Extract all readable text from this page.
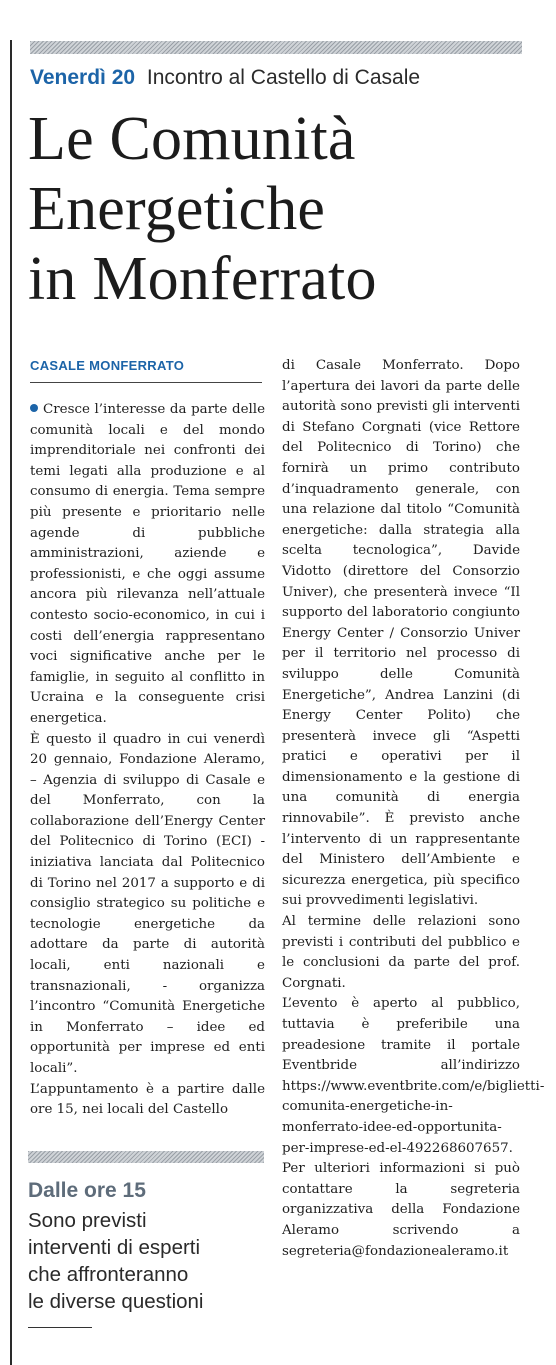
Venerdì 20 Incontro al Castello di Casale
Le Comunità
Energetiche
in Monferrato
CASALE MONFERRATO

Cresce l’interesse da parte delle comunità locali e del mondo imprenditoriale nei confronti dei temi legati alla produzione e al consumo di energia. Tema sempre più presente e prioritario nelle agende di pubbliche amministrazioni, aziende e professionisti, e che oggi assume ancora più rilevanza nell’attuale contesto socio-economico, in cui i costi dell’energia rappresentano voci significative anche per le famiglie, in seguito al conflitto in Ucraina e la conseguente crisi energetica.

È questo il quadro in cui venerdì 20 gennaio, Fondazione Aleramo, – Agenzia di sviluppo di Casale e del Monferrato, con la collaborazione dell’Energy Center del Politecnico di Torino (ECI) - iniziativa lanciata dal Politecnico di Torino nel 2017 a supporto e di consiglio strategico su politiche e tecnologie energetiche da adottare da parte di autorità locali, enti nazionali e transnazionali, - organizza l’incontro “Comunità Energetiche in Monferrato – idee ed opportunità per imprese ed enti locali”.

L’appuntamento è a partire dalle ore 15, nei locali del Castello

di Casale Monferrato. Dopo l’apertura dei lavori da parte delle autorità sono previsti gli interventi di Stefano Corgnati (vice Rettore del Politecnico di Torino) che fornirà un primo contributo d’inquadramento generale, con una relazione dal titolo “Comunità energetiche: dalla strategia alla scelta tecnologica”, Davide Vidotto (direttore del Consorzio Univer), che presenterà invece “Il supporto del laboratorio congiunto Energy Center / Consorzio Univer per il territorio nel processo di sviluppo delle Comunità Energetiche”, Andrea Lanzini (di Energy Center Polito) che presenterà invece gli “Aspetti pratici e operativi per il dimensionamento e la gestione di una comunità di energia rinnovabile”. È previsto anche l’intervento di un rappresentante del Ministero dell’Ambiente e sicurezza energetica, più specifico sui provvedimenti legislativi.

Al termine delle relazioni sono previsti i contributi del pubblico e le conclusioni da parte del prof. Corgnati.

L’evento è aperto al pubblico, tuttavia è preferibile una preadesione tramite il portale Eventbride all’indirizzo https://www.eventbrite.com/e/biglietti-comunita-energetiche-in-monferrato-idee-ed-opportunita-per-imprese-ed-el-492268607657. Per ulteriori informazioni si può contattare la segreteria organizzativa della Fondazione Aleramo scrivendo a segreteria@fondazionealeramo.it

Dalle ore 15

Sono previsti
interventi di esperti
che affronteranno
le diverse questioni
